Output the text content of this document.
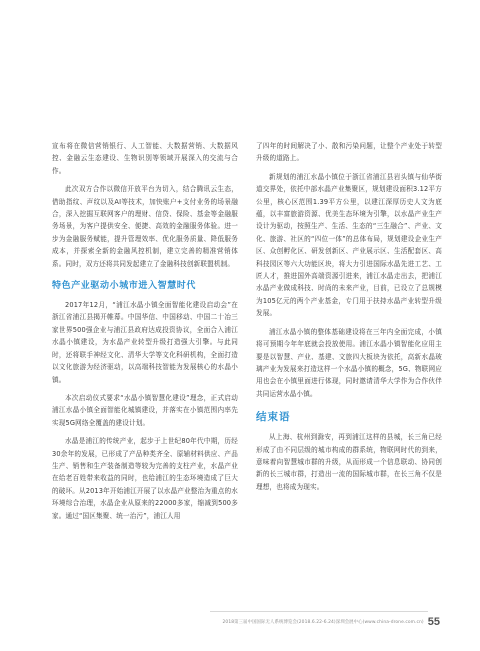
宣布将在微信营销银行、人工智能、大数据营销、大数据风控、金融云生态建设、生物识别等领域开展深入的交流与合作。

此次双方合作以微信开放平台为切入，结合腾讯云生态，借助指纹、声纹以及AI等技术，加快账户+支付业务的场景融合，深入挖掘互联网客户的理财、信贷、保险、基金等金融服务场景，为客户提供安全、便捷、高效的金融服务体验。进一步为金融服务赋能，提升管理效率、优化服务质量、降低服务成本，并探索全新的金融风控机制，建立完善的精准营销体系。同时，双方还将共同发起建立了金融科技创新联盟机制。

特色产业驱动小城市进入智慧时代

2017年12月，“浦江水晶小镇全面智能化建设启动会”在浙江省浦江县揭开帷幕。中国华信、中国移动、中国二十冶三家世界500强企业与浦江县政府达成投资协议，全面合入浦江水晶小镇建设，为水晶产业转型升级打造强大引擎。与此同时，还将联手神经文化、清华大学等文化科研机构，全面打造以文化旅游为经济驱动，以高端科技智能为发展核心的水晶小镇。

本次启动仪式要求“水晶小镇智慧化建设”理念，正式启动浦江水晶小镇全面智能化城镇建设，并落实在小镇范围内率先实现5G网络全覆盖的建设计划。

水晶是浦江的传统产业，起步于上世纪80年代中期，历经30余年的发展，已形成了产品种类齐全、原辅材料供应、产品生产、销售和生产装备制造等较为完善的支柱产业，水晶产业在给老百姓带来收益的同时，也给浦江的生态环境造成了巨大的破坏。从2013年开始浦江开展了以水晶产业整治为重点的水环境综合治理，水晶企业从原来的22000多家，缩减到500多家。通过“国区集聚、统一治污”，浦江人用

了四年的时间解决了小、散和污染问题，让整个产业处于转型升级的道路上。

新规划的浦江水晶小镇位于浙江省浦江县岩头镇与仙华街道交界处，依托中部水晶产业集聚区，规划建设面积3.12平方公里，核心区范围1.39平方公里，以建江深厚历史人文为底蕴，以丰富旅游资源、优美生态环境为引擎，以水晶产业生产设计为驱动，按照生产、生活、生态的“三生融合”、产业、文化、旅游、社区的“四位一体”的总体布局，规划建设企业生产区、众创孵化区、研发创新区、产业展示区、生活配套区、高科技园区等六大功能区块，将大力引进国际水晶先进工艺、工匠人才，推进国外高端资源引进来，浦江水晶走出去，把浦江水晶产业做成科技、时尚的未来产业，目前，已设立了总规模为105亿元的两个产业基金，专门用于扶持水晶产业转型升级发展。

浦江水晶小镇的整体基础建设将在三年内全面完成，小镇将可预期今年年底就会投放使用。浦江水晶小镇智能化应用主要是以智慧、产业、基建、文旅四大板块为依托，高新水晶玻璃产业为发展来打造这样一个水晶小镇的概念，5G、物联网应用也会在小镇里面进行体现，同时邀请清华大学作为合作伙伴共同运营水晶小镇。

结束语

从上海、杭州到滁安，再到浦江这样的县城，长三角已经形成了由不同层级的城市构成的群系统，物联网时代的到来，意味着向智慧城市群的升级，从而形成一个信息联动、协同创新的长三城市群，打造出一流的国际城市群，在长三角不仅是理想，也将成为现实。

2018第三届中国国际无人系统博览会(2018.6.22-6.24)深圳会展中心(www.china-drone.com.cn) 55
